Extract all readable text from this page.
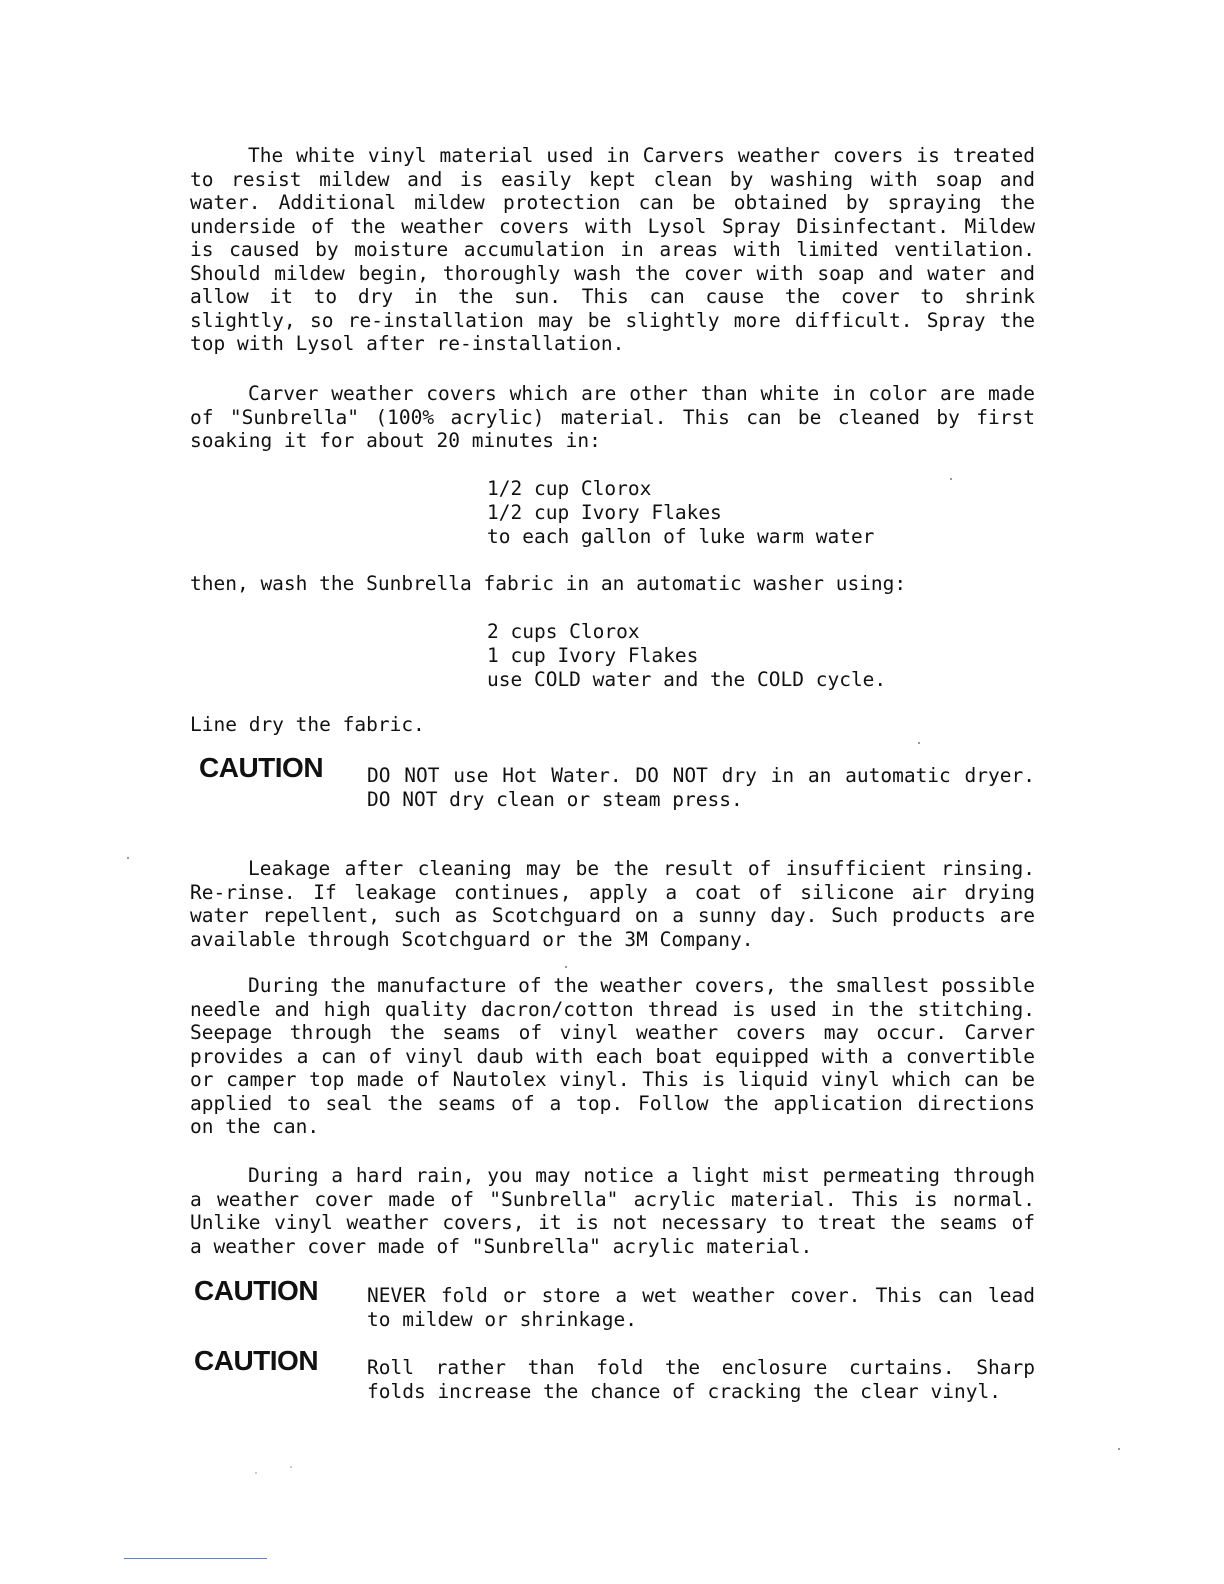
The white vinyl material used in Carvers weather covers is treated to resist mildew and is easily kept clean by washing with soap and water. Additional mildew protection can be obtained by spraying the underside of the weather covers with Lysol Spray Disinfectant. Mildew is caused by moisture accumulation in areas with limited ventilation. Should mildew begin, thoroughly wash the cover with soap and water and allow it to dry in the sun. This can cause the cover to shrink slightly, so re-installation may be slightly more difficult. Spray the top with Lysol after re-installation.

Carver weather covers which are other than white in color are made of "Sunbrella" (100% acrylic) material. This can be cleaned by first soaking it for about 20 minutes in:

1/2 cup Clorox
1/2 cup Ivory Flakes
to each gallon of luke warm water
then, wash the Sunbrella fabric in an automatic washer using:
2 cups Clorox
1 cup Ivory Flakes
use COLD water and the COLD cycle.
Line dry the fabric.
CAUTION DO NOT use Hot Water. DO NOT dry in an automatic dryer. DO NOT dry clean or steam press.

Leakage after cleaning may be the result of insufficient rinsing. Re-rinse. If leakage continues, apply a coat of silicone air drying water repellent, such as Scotchguard on a sunny day. Such products are available through Scotchguard or the 3M Company.

During the manufacture of the weather covers, the smallest possible needle and high quality dacron/cotton thread is used in the stitching. Seepage through the seams of vinyl weather covers may occur. Carver provides a can of vinyl daub with each boat equipped with a convertible or camper top made of Nautolex vinyl. This is liquid vinyl which can be applied to seal the seams of a top. Follow the application directions on the can.

During a hard rain, you may notice a light mist permeating through a weather cover made of "Sunbrella" acrylic material. This is normal. Unlike vinyl weather covers, it is not necessary to treat the seams of a weather cover made of "Sunbrella" acrylic material.

CAUTION	NEVER fold or store a wet weather cover. This can lead to mildew or shrinkage.
CAUTION	Roll rather than fold the enclosure curtains. Sharp folds increase the chance of cracking the clear vinyl.
